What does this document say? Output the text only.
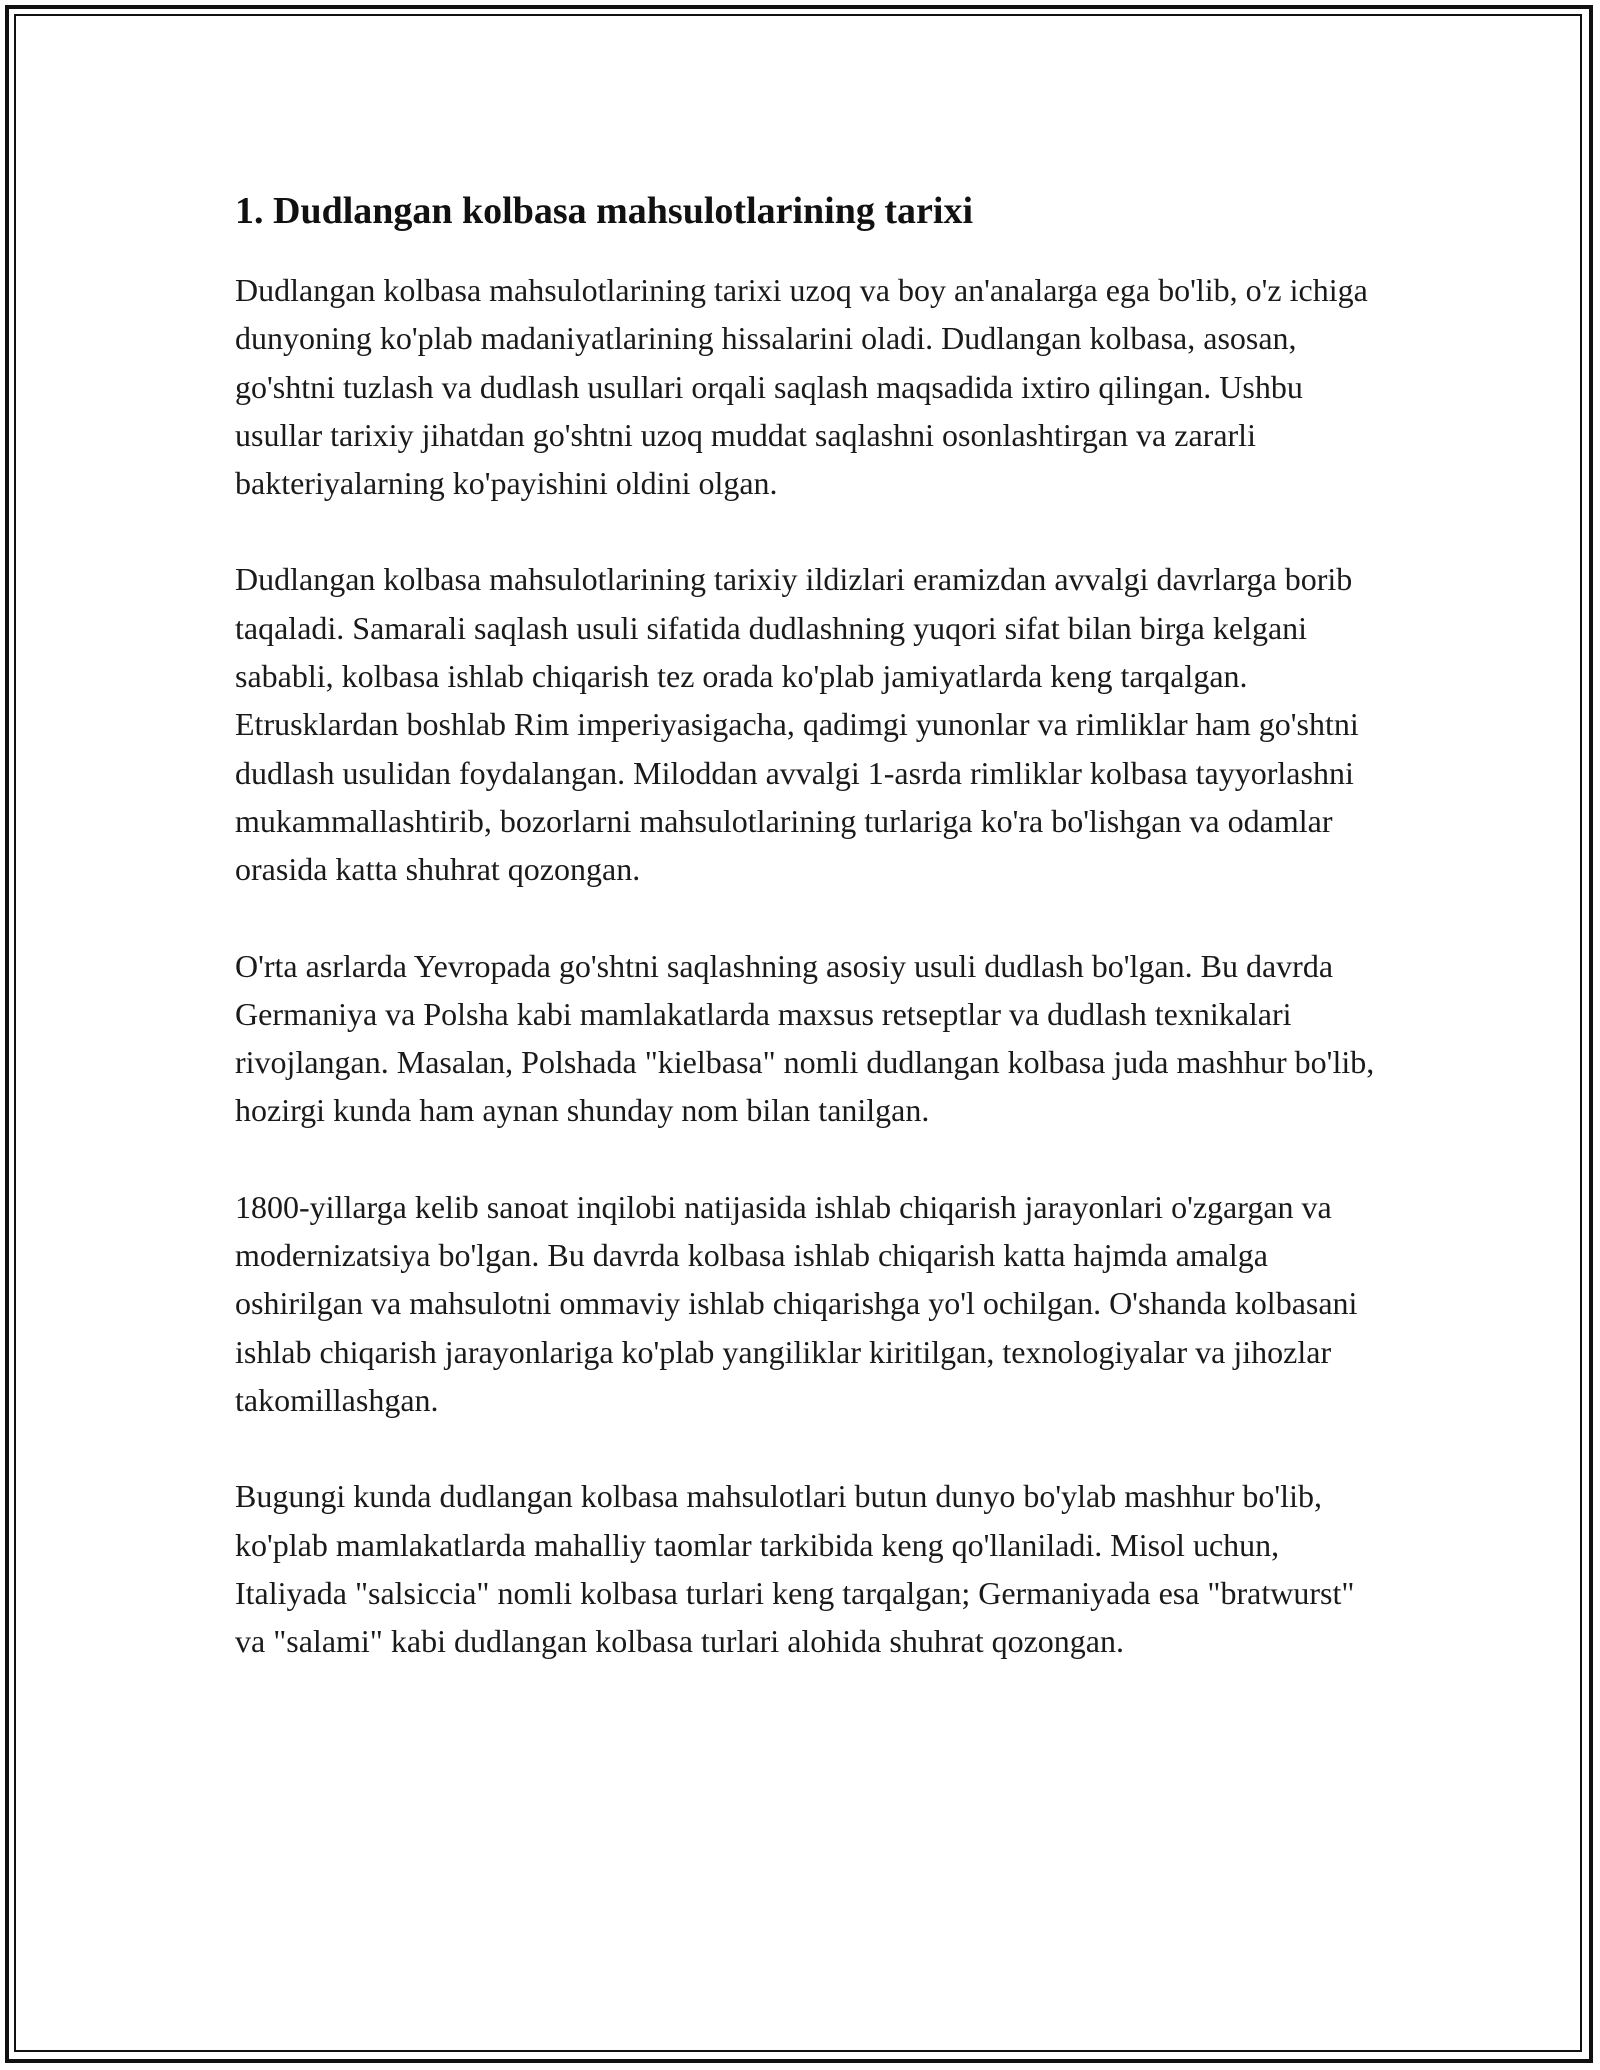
1. Dudlangan kolbasa mahsulotlarining tarixi

Dudlangan kolbasa mahsulotlarining tarixi uzoq va boy an'analarga ega bo'lib, o'z ichiga dunyoning ko'plab madaniyatlarining hissalarini oladi. Dudlangan kolbasa, asosan, go'shtni tuzlash va dudlash usullari orqali saqlash maqsadida ixtiro qilingan. Ushbu usullar tarixiy jihatdan go'shtni uzoq muddat saqlashni osonlashtirgan va zararli bakteriyalarning ko'payishini oldini olgan.

Dudlangan kolbasa mahsulotlarining tarixiy ildizlari eramizdan avvalgi davrlarga borib taqaladi. Samarali saqlash usuli sifatida dudlashning yuqori sifat bilan birga kelgani sababli, kolbasa ishlab chiqarish tez orada ko'plab jamiyatlarda keng tarqalgan. Etrusklardan boshlab Rim imperiyasigacha, qadimgi yunonlar va rimliklar ham go'shtni dudlash usulidan foydalangan. Miloddan avvalgi 1-asrda rimliklar kolbasa tayyorlashni mukammallashtirib, bozorlarni mahsulotlarining turlariga ko'ra bo'lishgan va odamlar orasida katta shuhrat qozongan.

O'rta asrlarda Yevropada go'shtni saqlashning asosiy usuli dudlash bo'lgan. Bu davrda Germaniya va Polsha kabi mamlakatlarda maxsus retseptlar va dudlash texnikalari rivojlangan. Masalan, Polshada "kielbasa" nomli dudlangan kolbasa juda mashhur bo'lib, hozirgi kunda ham aynan shunday nom bilan tanilgan.

1800-yillarga kelib sanoat inqilobi natijasida ishlab chiqarish jarayonlari o'zgargan va modernizatsiya bo'lgan. Bu davrda kolbasa ishlab chiqarish katta hajmda amalga oshirilgan va mahsulotni ommaviy ishlab chiqarishga yo'l ochilgan. O'shanda kolbasani ishlab chiqarish jarayonlariga ko'plab yangiliklar kiritilgan, texnologiyalar va jihozlar takomillashgan.

Bugungi kunda dudlangan kolbasa mahsulotlari butun dunyo bo'ylab mashhur bo'lib, ko'plab mamlakatlarda mahalliy taomlar tarkibida keng qo'llaniladi. Misol uchun, Italiyada "salsiccia" nomli kolbasa turlari keng tarqalgan; Germaniyada esa "bratwurst" va "salami" kabi dudlangan kolbasa turlari alohida shuhrat qozongan.
